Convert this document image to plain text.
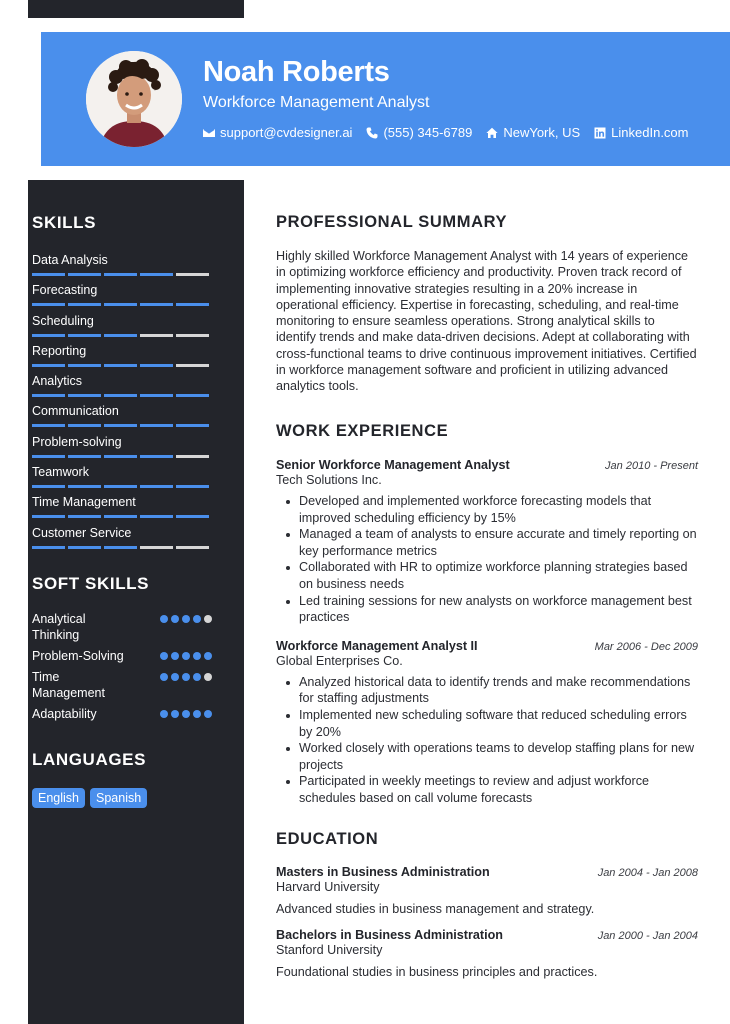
Noah Roberts
Workforce Management Analyst
support@cvdesigner.ai (555) 345-6789 NewYork, US LinkedIn.com
SKILLS
Data Analysis
Forecasting
Scheduling
Reporting
Analytics
Communication
Problem-solving
Teamwork
Time Management
Customer Service
SOFT SKILLS
Analytical Thinking
Problem-Solving
Time Management
Adaptability
LANGUAGES
English	Spanish
PROFESSIONAL SUMMARY
Highly skilled Workforce Management Analyst with 14 years of experience in optimizing workforce efficiency and productivity. Proven track record of implementing innovative strategies resulting in a 20% increase in operational efficiency. Expertise in forecasting, scheduling, and real-time monitoring to ensure seamless operations. Strong analytical skills to identify trends and make data-driven decisions. Adept at collaborating with cross-functional teams to drive continuous improvement initiatives. Certified in workforce management software and proficient in utilizing advanced analytics tools.
WORK EXPERIENCE
Senior Workforce Management Analyst	Jan 2010 - Present
Tech Solutions Inc.
Developed and implemented workforce forecasting models that improved scheduling efficiency by 15%
Managed a team of analysts to ensure accurate and timely reporting on key performance metrics
Collaborated with HR to optimize workforce planning strategies based on business needs
Led training sessions for new analysts on workforce management best practices
Workforce Management Analyst II	Mar 2006 - Dec 2009
Global Enterprises Co.
Analyzed historical data to identify trends and make recommendations for staffing adjustments
Implemented new scheduling software that reduced scheduling errors by 20%
Worked closely with operations teams to develop staffing plans for new projects
Participated in weekly meetings to review and adjust workforce schedules based on call volume forecasts
EDUCATION
Masters in Business Administration	Jan 2004 - Jan 2008
Harvard University
Advanced studies in business management and strategy.
Bachelors in Business Administration	Jan 2000 - Jan 2004
Stanford University
Foundational studies in business principles and practices.
